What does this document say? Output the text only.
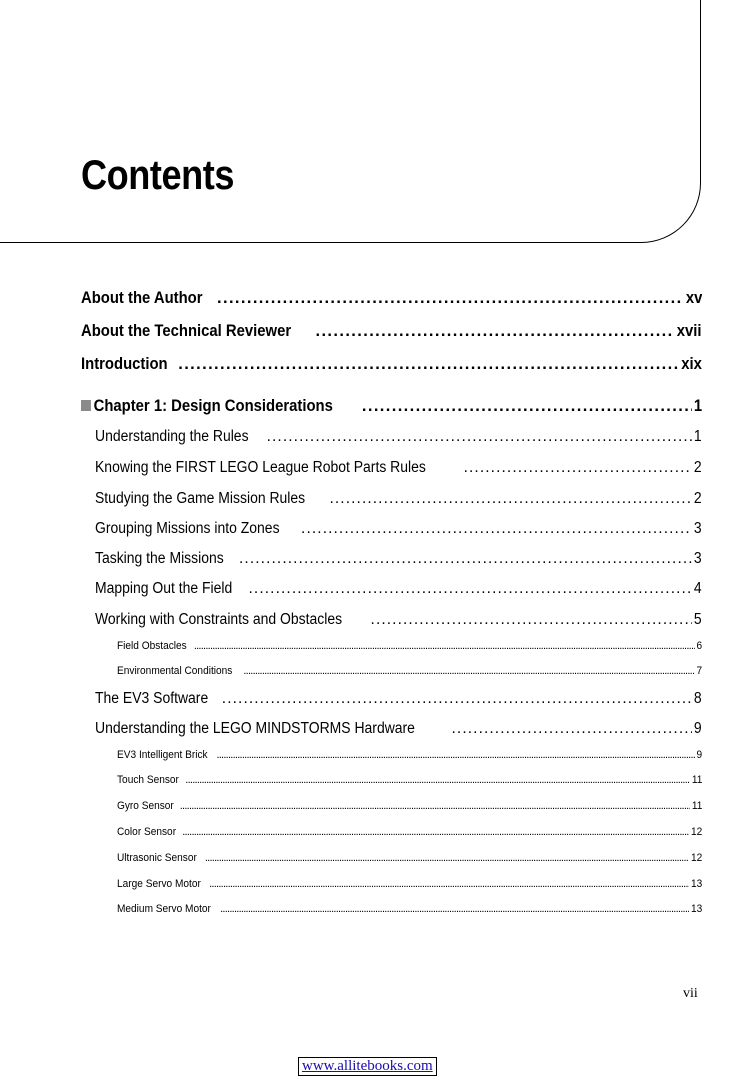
Contents
About the Author . . .	xv
About the Technical Reviewer . . .	xvii
Introduction . . .	xix
Chapter 1: Design Considerations . . .	1
Understanding the Rules . . .	1
Knowing the FIRST LEGO League Robot Parts Rules . . .	2
Studying the Game Mission Rules . . .	2
Grouping Missions into Zones . . .	3
Tasking the Missions . . .	3
Mapping Out the Field . . .	4
Working with Constraints and Obstacles . . .	5
Field Obstacles . . .	6
Environmental Conditions . . .	7
The EV3 Software . . .	8
Understanding the LEGO MINDSTORMS Hardware . . .	9
EV3 Intelligent Brick . . .	9
Touch Sensor . . .	11
Gyro Sensor . . .	11
Color Sensor . . .	12
Ultrasonic Sensor . . .	12
Large Servo Motor . . .	13
Medium Servo Motor . . .	13
vii
www.allitebooks.com
